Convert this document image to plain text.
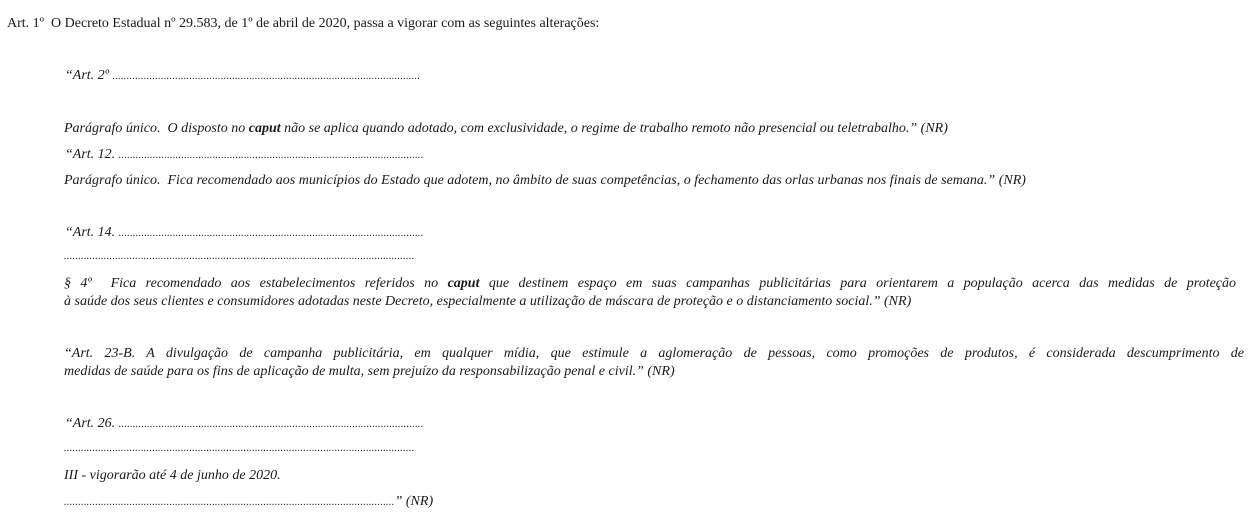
Art. 1º O Decreto Estadual nº 29.583, de 1º de abril de 2020, passa a vigorar com as seguintes alterações:
“Art. 2º ............................................................................................................
Parágrafo único. O disposto no caput não se aplica quando adotado, com exclusividade, o regime de trabalho remoto não presencial ou teletrabalho.” (NR)
“Art. 12. ...........................................................................................................
Parágrafo único. Fica recomendado aos municípios do Estado que adotem, no âmbito de suas competências, o fechamento das orlas urbanas nos finais de semana.” (NR)
“Art. 14. ...........................................................................................................
...........................................................................................................................
§ 4º Fica recomendado aos estabelecimentos referidos no caput que destinem espaço em suas campanhas publicitárias para orientarem a população acerca das medidas de proteção
à saúde dos seus clientes e consumidores adotadas neste Decreto, especialmente a utilização de máscara de proteção e o distanciamento social.” (NR)
“Art. 23-B. A divulgação de campanha publicitária, em qualquer mídia, que estimule a aglomeração de pessoas, como promoções de produtos, é considerada descumprimento de
medidas de saúde para os fins de aplicação de multa, sem prejuízo da responsabilização penal e civil.” (NR)
“Art. 26. ...........................................................................................................
...........................................................................................................................
III - vigorarão até 4 de junho de 2020.
....................................................................................................................” (NR)
